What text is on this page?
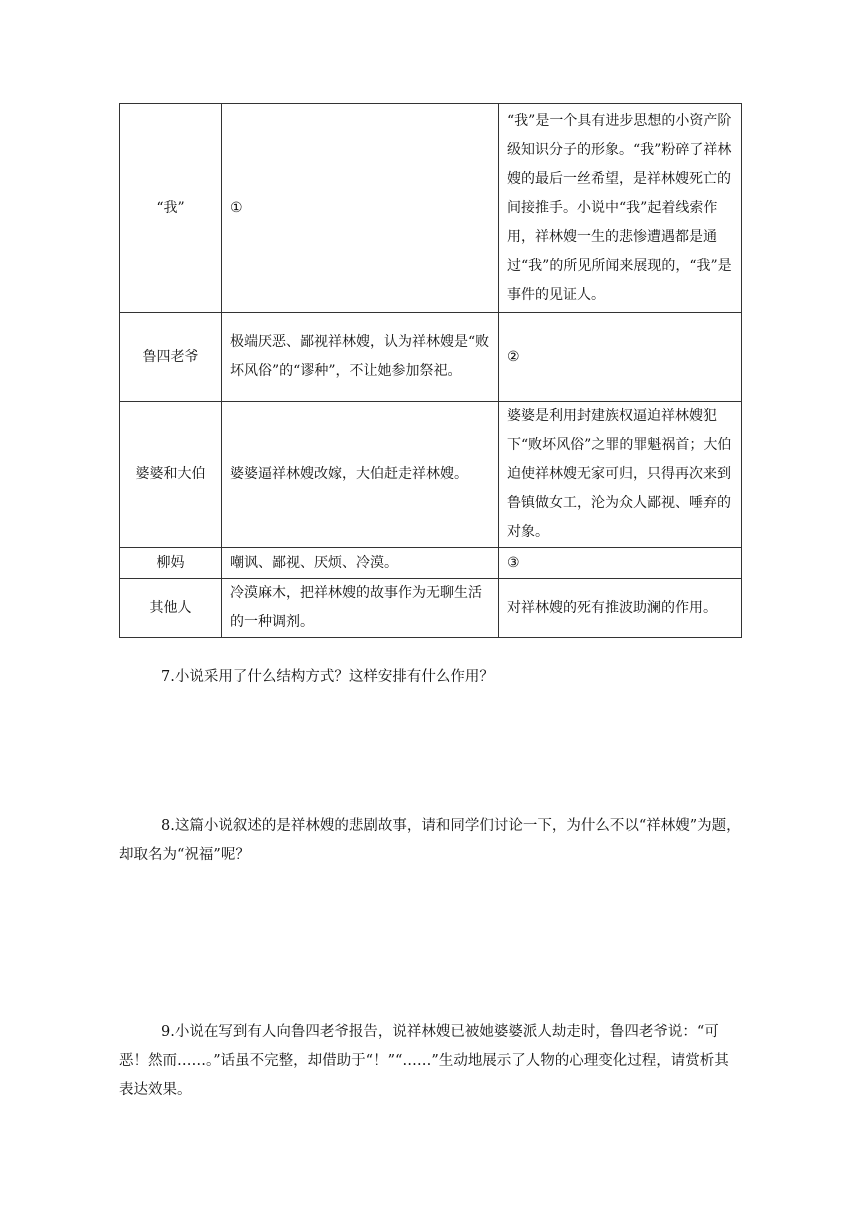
“我”	①	“我”是一个具有进步思想的小资产阶级知识分子的形象。“我”粉碎了祥林嫂的最后一丝希望，是祥林嫂死亡的间接推手。小说中“我”起着线索作用，祥林嫂一生的悲惨遭遇都是通过“我”的所见所闻来展现的，“我”是事件的见证人。
鲁四老爷	极端厌恶、鄙视祥林嫂，认为祥林嫂是“败坏风俗”的“谬种”，不让她参加祭祀。	②
婆婆和大伯	婆婆逼祥林嫂改嫁，大伯赶走祥林嫂。	婆婆是利用封建族权逼迫祥林嫂犯下“败坏风俗”之罪的罪魁祸首；大伯迫使祥林嫂无家可归，只得再次来到鲁镇做女工，沦为众人鄙视、唾弃的对象。
柳妈	嘲讽、鄙视、厌烦、冷漠。	③
其他人	冷漠麻木，把祥林嫂的故事作为无聊生活的一种调剂。	对祥林嫂的死有推波助澜的作用。
7.小说采用了什么结构方式？这样安排有什么作用？
8.这篇小说叙述的是祥林嫂的悲剧故事，请和同学们讨论一下，为什么不以“祥林嫂”为题，却取名为“祝福”呢？
9.小说在写到有人向鲁四老爷报告，说祥林嫂已被她婆婆派人劫走时，鲁四老爷说：“可恶！然而……。”话虽不完整，却借助于“！”“……”生动地展示了人物的心理变化过程，请赏析其表达效果。
